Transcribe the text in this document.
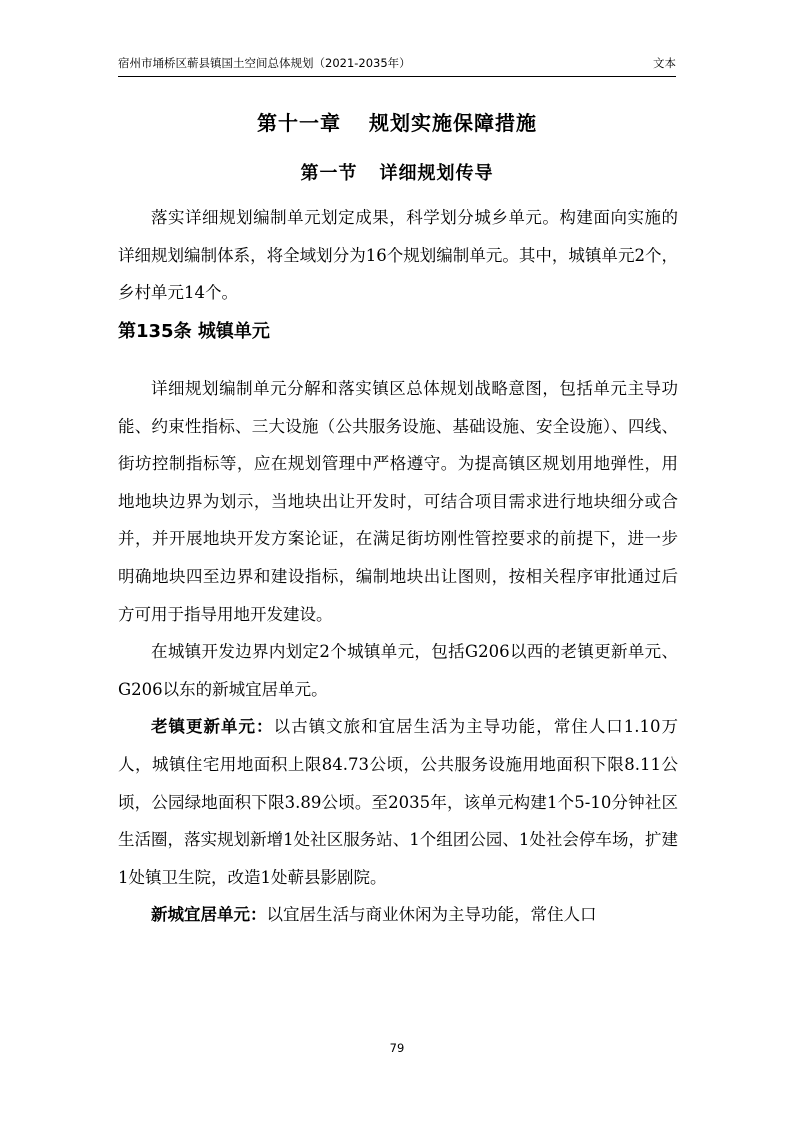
宿州市埇桥区蕲县镇国土空间总体规划（2021-2035年）	文本
第十一章 规划实施保障措施
第一节 详细规划传导

落实详细规划编制单元划定成果，科学划分城乡单元。构建面向实施的详细规划编制体系，将全域划分为16个规划编制单元。其中，城镇单元2个，乡村单元14个。

第135条 城镇单元

详细规划编制单元分解和落实镇区总体规划战略意图，包括单元主导功能、约束性指标、三大设施（公共服务设施、基础设施、安全设施）、四线、街坊控制指标等，应在规划管理中严格遵守。为提高镇区规划用地弹性，用地地块边界为划示，当地块出让开发时，可结合项目需求进行地块细分或合并，并开展地块开发方案论证，在满足街坊刚性管控要求的前提下，进一步明确地块四至边界和建设指标，编制地块出让图则，按相关程序审批通过后方可用于指导用地开发建设。

在城镇开发边界内划定2个城镇单元，包括G206以西的老镇更新单元、G206以东的新城宜居单元。

老镇更新单元：以古镇文旅和宜居生活为主导功能，常住人口1.10万人，城镇住宅用地面积上限84.73公顷，公共服务设施用地面积下限8.11公顷，公园绿地面积下限3.89公顷。至2035年，该单元构建1个5-10分钟社区生活圈，落实规划新增1处社区服务站、1个组团公园、1处社会停车场，扩建1处镇卫生院，改造1处蕲县影剧院。

新城宜居单元：以宜居生活与商业休闲为主导功能，常住人口

79
